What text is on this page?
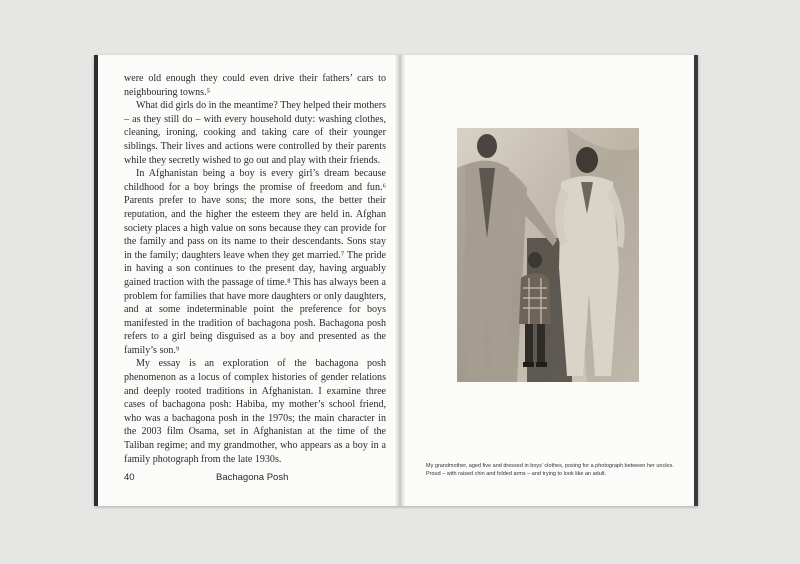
were old enough they could even drive their fathers’ cars to neighbouring towns.⁵

What did girls do in the meantime? They helped their mothers – as they still do – with every household duty: washing clothes, cleaning, ironing, cooking and taking care of their younger siblings. Their lives and actions were controlled by their parents while they secretly wished to go out and play with their friends.

In Afghanistan being a boy is every girl’s dream because childhood for a boy brings the promise of freedom and fun.⁶ Parents prefer to have sons; the more sons, the better their reputation, and the higher the esteem they are held in. Afghan society places a high value on sons because they can provide for the family and pass on its name to their descendants. Sons stay in the family; daughters leave when they get married.⁷ The pride in having a son continues to the present day, having arguably gained traction with the passage of time.⁸ This has always been a problem for families that have more daughters or only daughters, and at some indeterminable point the preference for boys manifested in the tradition of bachagona posh. Bachagona posh refers to a girl being disguised as a boy and presented as the family’s son.⁹

My essay is an exploration of the bachagona posh phenomenon as a locus of complex histories of gender relations and deeply rooted traditions in Afghanistan. I examine three cases of bachagona posh: Habiba, my mother’s school friend, who was a bachagona posh in the 1970s; the main character in the 2003 film Osama, set in Afghanistan at the time of the Taliban regime; and my grandmother, who appears as a boy in a family photograph from the late 1930s.

40	Bachagona Posh
My grandmother, aged five and dressed in boys’ clothes, posing for a photograph between her uncles. Proud – with raised chin and folded arms – and trying to look like an adult.
